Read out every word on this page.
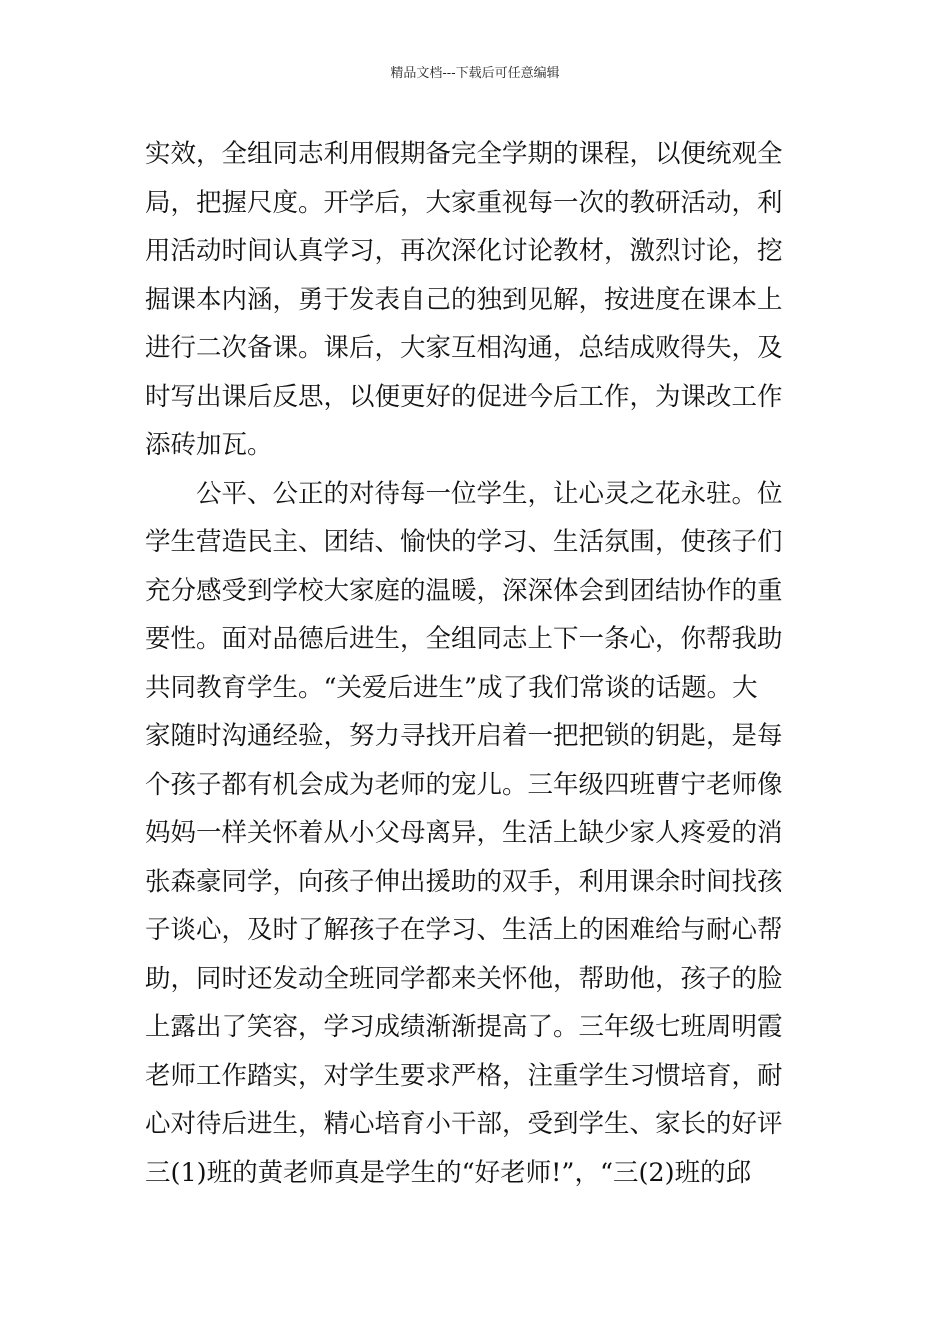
精品文档---下载后可任意编辑
实效，全组同志利用假期备完全学期的课程，以便统观全
局，把握尺度。开学后，大家重视每一次的教研活动，利
用活动时间认真学习，再次深化讨论教材，激烈讨论，挖
掘课本内涵，勇于发表自己的独到见解，按进度在课本上
进行二次备课。课后，大家互相沟通，总结成败得失，及
时写出课后反思，以便更好的促进今后工作，为课改工作
添砖加瓦。
　　公平、公正的对待每一位学生，让心灵之花永驻。位
学生营造民主、团结、愉快的学习、生活氛围，使孩子们
充分感受到学校大家庭的温暖，深深体会到团结协作的重
要性。面对品德后进生，全组同志上下一条心，你帮我助
共同教育学生。“关爱后进生”成了我们常谈的话题。大
家随时沟通经验，努力寻找开启着一把把锁的钥匙，是每
个孩子都有机会成为老师的宠儿。三年级四班曹宁老师像
妈妈一样关怀着从小父母离异，生活上缺少家人疼爱的消
张森豪同学，向孩子伸出援助的双手，利用课余时间找孩
子谈心，及时了解孩子在学习、生活上的困难给与耐心帮
助，同时还发动全班同学都来关怀他，帮助他，孩子的脸
上露出了笑容，学习成绩渐渐提高了。三年级七班周明霞
老师工作踏实，对学生要求严格，注重学生习惯培育，耐
心对待后进生，精心培育小干部，受到学生、家长的好评
三(1)班的黄老师真是学生的“好老师!”，“三(2)班的邱
